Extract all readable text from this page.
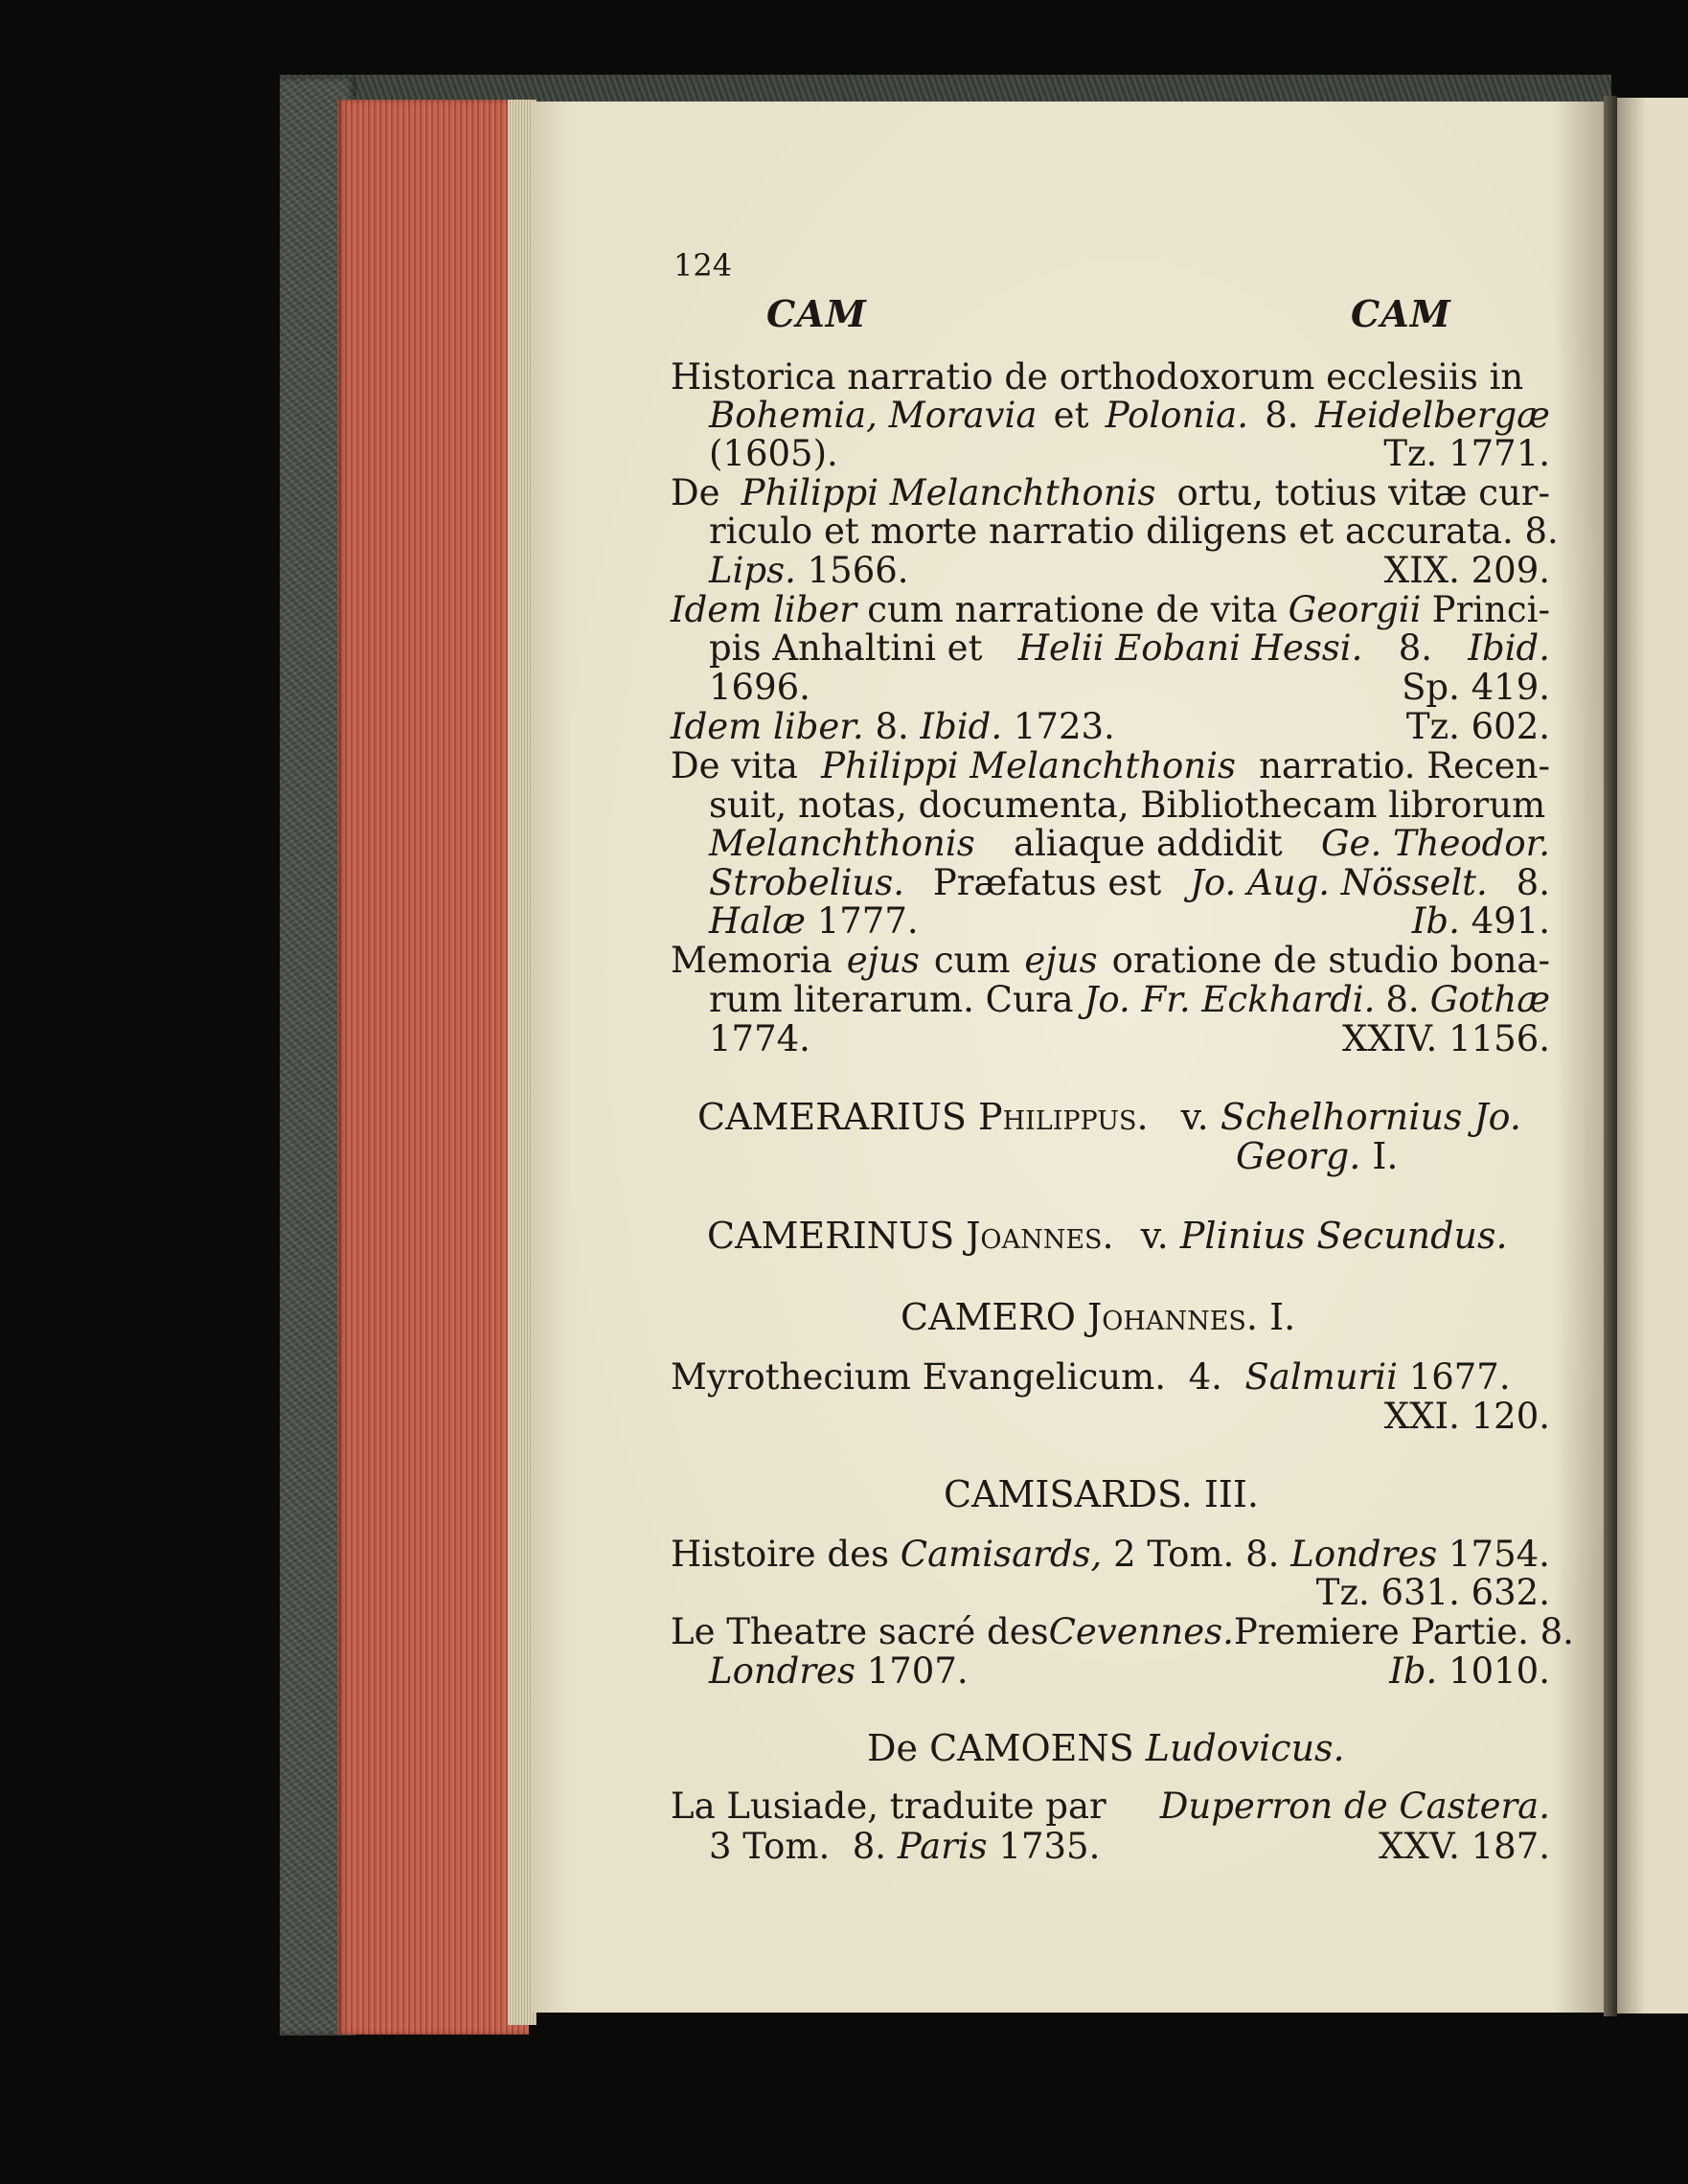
124
CAM	CAM
Historica narratio de orthodoxorum ecclesiis in
Bohemia, Moravia et Polonia. 8. Heidelbergæ
(1605).	Tz. 1771.
De Philippi Melanchthonis ortu, totius vitæ cur-
riculo et morte narratio diligens et accurata. 8.
Lips. 1566.	XIX. 209.
Idem liber cum narratione de vita Georgii Princi-
pis Anhaltini et Helii Eobani Hessi. 8. Ibid.
1696.	Sp. 419.
Idem liber. 8. Ibid. 1723.	Tz. 602.
De vita Philippi Melanchthonis narratio. Recen-
suit, notas, documenta, Bibliothecam librorum
Melanchthonis aliaque addidit Ge. Theodor.
Strobelius. Præfatus est Jo. Aug. Nösselt. 8.
Halæ 1777.	Ib. 491.
Memoria ejus cum ejus oratione de studio bona-
rum literarum. Cura Jo. Fr. Eckhardi. 8. Gothæ
1774.	XXIV. 1156.
CAMERARIUS Philippus. v. Schelhornius Jo.
Georg. I.
CAMERINUS Joannes. v. Plinius Secundus.
CAMERO Johannes. I.
Myrothecium Evangelicum. 4. Salmurii 1677.
XXI. 120.
CAMISARDS. III.
Histoire des Camisards, 2 Tom. 8. Londres 1754.
Tz. 631. 632.
Le Theatre sacré des Cevennes. Premiere Partie. 8.
Londres 1707.	Ib. 1010.
De CAMOENS Ludovicus.
La Lusiade, traduite par Duperron de Castera.
3 Tom. 8. Paris 1735.	XXV. 187.
